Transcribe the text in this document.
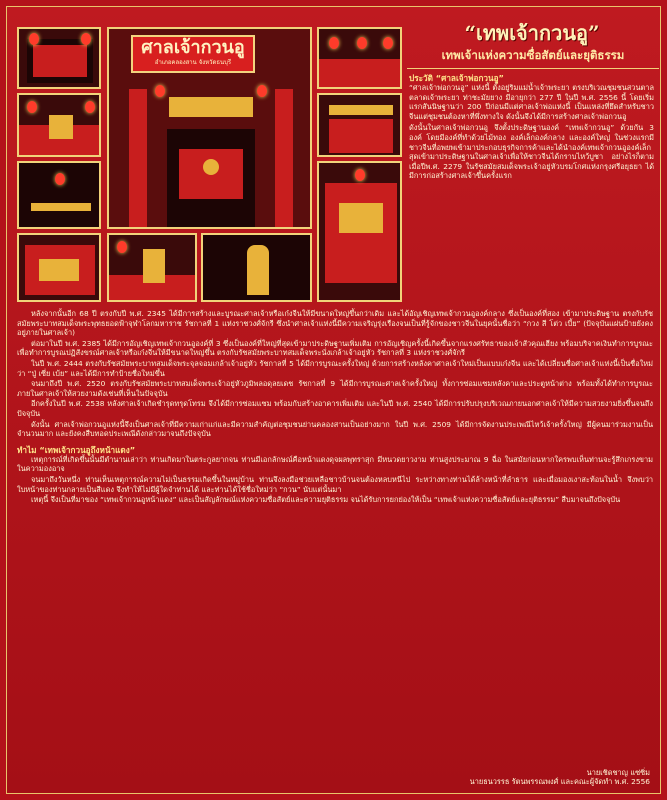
ศาลเจ้ากวนอู
อำเภอคลองสาน จังหวัดธนบุรี
“เทพเจ้ากวนอู”
เทพเจ้าแห่งความซื่อสัตย์และยุติธรรม
ประวัติ “ศาลเจ้าพ่อกวนอู”

“ศาลเจ้าพ่อกวนอู” แห่งนี้ ตั้งอยู่ริมแม่น้ำเจ้าพระยา ตรงบริเวณชุมชนสวนตาลตลาดเจ้าพระยา ท่าชะมัยยาง มีอายุกว่า 277 ปี ในปี พ.ศ. 2556 นี้ โดยเริ่มแรกสันนิษฐานว่า 200 ปีก่อนมีแต่ศาลเจ้าพ่อแห่งนี้ เป็นแหล่งที่ยึดสำหรับชาวจีนแต่ชุมชนต้องหาที่พึ่งทางใจ ดังนั้นจึงได้มีการสร้างศาลเจ้าพ่อกวนอู

ดังนั้นในศาลเจ้าพ่อกวนอู จึงตั้งประดิษฐานองค์ “เทพเจ้ากวนอู” ด้วยกัน 3 องค์ โดยมีองค์ที่ทำด้วยไม้ทอง องค์เล็กองค์กลาง และองค์ใหญ่ ในช่วงแรกมีชาวจีนที่อพยพเข้ามาประกอบธุรกิจการค้าและได้นำองค์เทพเจ้ากวนอูองค์เล็กสุดเข้ามาประดิษฐานในศาลเจ้าเพื่อให้ชาวจีนได้กราบไหว้บูชา อย่างไรก็ตาม เมื่อปีพ.ศ. 2279 ในรัชสมัยสมเด็จพระเจ้าอยู่หัวบรมโกศแห่งกรุงศรีอยุธยา ได้มีการก่อสร้างศาลเจ้าขึ้นครั้งแรก

หลังจากนั้นอีก 68 ปี ตรงกับปี พ.ศ. 2345 ได้มีการสร้างและบูรณะศาลเจ้าหรือเก๋งจีนให้มีขนาดใหญ่ขึ้นกว่าเดิม และได้อัญเชิญเทพเจ้ากวนอูองค์กลาง ซึ่งเป็นองค์ที่สอง เข้ามาประดิษฐาน ตรงกับรัชสมัยพระบาทสมเด็จพระพุทธยอดฟ้าจุฬาโลกมหาราช รัชกาลที่ 1 แห่งราชวงศ์จักรี ซึ่งนำศาลเจ้าแห่งนี้มีความเจริญรุ่งเรืองจนเป็นที่รู้จักของชาวจีนในยุคนั้นชื่อว่า “กวง สี โต่ว เบี้ย” (ปัจจุบันแผ่นป้ายยังคงอยู่ภายในศาลเจ้า)

ต่อมาในปี พ.ศ. 2385 ได้มีการอัญเชิญเทพเจ้ากวนอูองค์ที่ 3 ซึ่งเป็นองค์ที่ใหญ่ที่สุดเข้ามาประดิษฐานเพิ่มเติม การอัญเชิญครั้งนี้เกิดขึ้นจากแรงศรัทธาของเจ้าสัวคุณเฮียง พร้อมบริจาคเงินทำการบูรณะ เพื่อทำการบูรณปฏิสังขรณ์ศาลเจ้าหรือเก๋งจีนให้มีขนาดใหญ่ขึ้น ตรงกับรัชสมัยพระบาทสมเด็จพระนั่งเกล้าเจ้าอยู่หัว รัชกาลที่ 3 แห่งราชวงศ์จักรี

ในปี พ.ศ. 2444 ตรงกับรัชสมัยพระบาทสมเด็จพระจุลจอมเกล้าเจ้าอยู่หัว รัชกาลที่ 5 ได้มีการบูรณะครั้งใหญ่ ด้วยการสร้างหลังคาศาลเจ้าใหม่เป็นแบบเก๋งจีน และได้เปลี่ยนชื่อศาลเจ้าแห่งนี้เป็นชื่อใหม่ว่า “ปู่ เซี่ย เบ้ย” และได้มีการทำป้ายชื่อใหม่ขึ้น

จนมาถึงปี พ.ศ. 2520 ตรงกับรัชสมัยพระบาทสมเด็จพระเจ้าอยู่หัวภูมิพลอดุลยเดช รัชกาลที่ 9 ได้มีการบูรณะศาลเจ้าครั้งใหญ่ ทั้งการซ่อมแซมหลังคาและประตูหน้าต่าง พร้อมทั้งได้ทำการบูรณะภายในศาลเจ้าให้สวยงามดังเช่นที่เห็นในปัจจุบัน

อีกครั้งในปี พ.ศ. 2538 หลังศาลเจ้าเกิดชำรุดทรุดโทรม จึงได้มีการซ่อมแซม พร้อมกับสร้างอาคารเพิ่มเติม และในปี พ.ศ. 2540 ได้มีการปรับปรุงบริเวณภายนอกศาลเจ้าให้มีความสวยงามยิ่งขึ้นจนถึงปัจจุบัน

ดังนั้น ศาลเจ้าพ่อกวนอูแห่งนี้จึงเป็นศาลเจ้าที่มีความเก่าแก่และมีความสำคัญต่อชุมชนย่านคลองสานเป็นอย่างมาก ในปี พ.ศ. 2509 ได้มีการจัดงานประเพณีไหว้เจ้าครั้งใหญ่ มีผู้คนมาร่วมงานเป็นจำนวนมาก และยังคงสืบทอดประเพณีดังกล่าวมาจนถึงปัจจุบัน

ทำไม “เทพเจ้ากวนอูถึงหน้าแดง”

เหตุการณ์ที่เกิดขึ้นนั้นมีตำนานเล่าว่า ท่านเกิดมาในตระกูลยากจน ท่านมีเอกลักษณ์คือหน้าแดงดุจผลพุทราสุก มีหนวดยาวงาม ท่านสูงประมาณ 9 ฉื่อ ในสมัยก่อนหากใครพบเห็นท่านจะรู้สึกเกรงขามในความองอาจ

จนมาถึงวันหนึ่ง ท่านเห็นเหตุการณ์ความไม่เป็นธรรมเกิดขึ้นในหมู่บ้าน ท่านจึงลงมือช่วยเหลือชาวบ้านจนต้องหลบหนีไป ระหว่างทางท่านได้ล้างหน้าที่ลำธาร และเมื่อมองเงาสะท้อนในน้ำ จึงพบว่าใบหน้าของท่านกลายเป็นสีแดง จึงทำให้ไม่มีผู้ใดจำท่านได้ และท่านได้ใช้ชื่อใหม่ว่า “กวน” นับแต่นั้นมา

เหตุนี้ จึงเป็นที่มาของ “เทพเจ้ากวนอูหน้าแดง” และเป็นสัญลักษณ์แห่งความซื่อสัตย์และความยุติธรรม จนได้รับการยกย่องให้เป็น “เทพเจ้าแห่งความซื่อสัตย์และยุติธรรม” สืบมาจนถึงปัจจุบัน

นายเชิดชาญ แซ่ซิ่ม
นายธนวรรธ รัตนพรรณพงศ์ และคณะผู้จัดทำ พ.ศ. 2556
